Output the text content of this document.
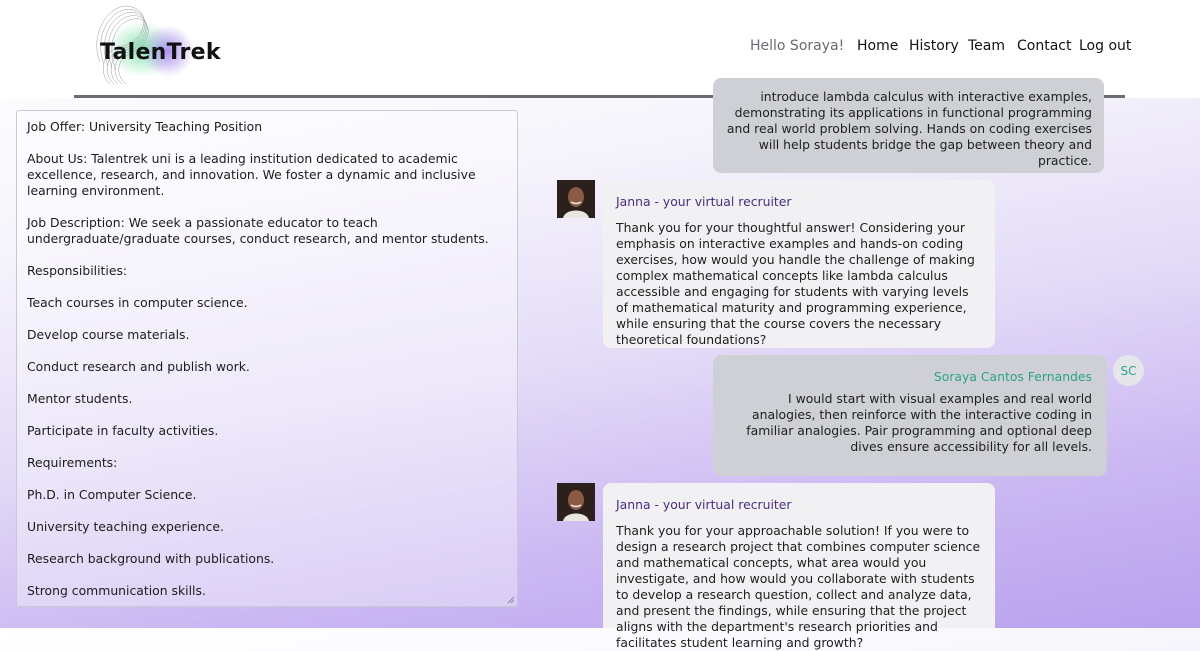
TalenTrek	Hello Soraya! Home History Team Contact Log out

Job Offer: University Teaching Position

About Us: Talentrek uni is a leading institution dedicated to academic excellence, research, and innovation. We foster a dynamic and inclusive learning environment.

Job Description: We seek a passionate educator to teach undergraduate/graduate courses, conduct research, and mentor students.

Responsibilities:

Teach courses in computer science.

Develop course materials.

Conduct research and publish work.

Mentor students.

Participate in faculty activities.

Requirements:

Ph.D. in Computer Science.

University teaching experience.

Research background with publications.

Strong communication skills.

introduce lambda calculus with interactive examples, demonstrating its applications in functional programming and real world problem solving. Hands on coding exercises will help students bridge the gap between theory and practice.
Janna - your virtual recruiter
Thank you for your thoughtful answer! Considering your emphasis on interactive examples and hands-on coding exercises, how would you handle the challenge of making complex mathematical concepts like lambda calculus accessible and engaging for students with varying levels of mathematical maturity and programming experience, while ensuring that the course covers the necessary theoretical foundations?
Soraya Cantos Fernandes
I would start with visual examples and real world analogies, then reinforce with the interactive coding in familiar analogies. Pair programming and optional deep dives ensure accessibility for all levels.
SC
Janna - your virtual recruiter
Thank you for your approachable solution! If you were to design a research project that combines computer science and mathematical concepts, what area would you investigate, and how would you collaborate with students to develop a research question, collect and analyze data, and present the findings, while ensuring that the project aligns with the department's research priorities and facilitates student learning and growth?
